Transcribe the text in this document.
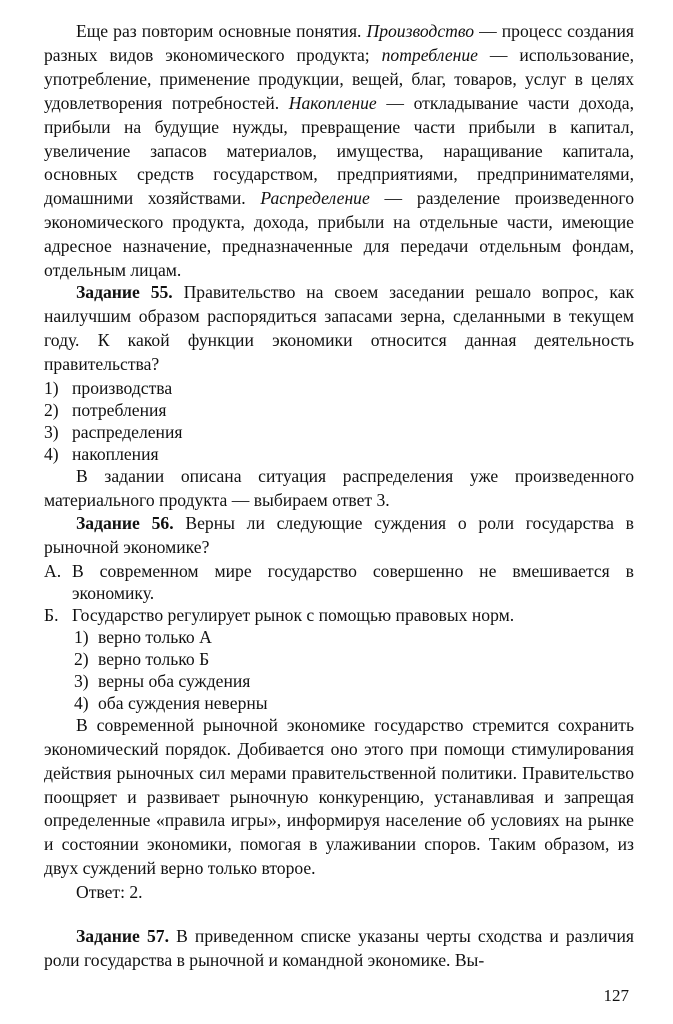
Еще раз повторим основные понятия. Производство — процесс создания разных видов экономического продукта; потребление — использование, употребление, применение продукции, вещей, благ, товаров, услуг в целях удовлетворения потребностей. Накопление — откладывание части дохода, прибыли на будущие нужды, превращение части прибыли в капитал, увеличение запасов материалов, имущества, наращивание капитала, основных средств государством, предприятиями, предпринимателями, домашними хозяйствами. Распределение — разделение произведенного экономического продукта, дохода, прибыли на отдельные части, имеющие адресное назначение, предназначенные для передачи отдельным фондам, отдельным лицам.

Задание 55. Правительство на своем заседании решало вопрос, как наилучшим образом распорядиться запасами зерна, сделанными в текущем году. К какой функции экономики относится данная деятельность правительства?

1) производства
2) потребления
3) распределения
4) накопления

В задании описана ситуация распределения уже произведенного материального продукта — выбираем ответ 3.

Задание 56. Верны ли следующие суждения о роли государства в рыночной экономике?

А. В современном мире государство совершенно не вмешивается в экономику.
Б. Государство регулирует рынок с помощью правовых норм.
1) верно только А
2) верно только Б
3) верны оба суждения
4) оба суждения неверны

В современной рыночной экономике государство стремится сохранить экономический порядок. Добивается оно этого при помощи стимулирования действия рыночных сил мерами правительственной политики. Правительство поощряет и развивает рыночную конкуренцию, устанавливая и запрещая определенные «правила игры», информируя население об условиях на рынке и состоянии экономики, помогая в улаживании споров. Таким образом, из двух суждений верно только второе.

Ответ: 2.

Задание 57. В приведенном списке указаны черты сходства и различия роли государства в рыночной и командной экономике. Вы-

127
